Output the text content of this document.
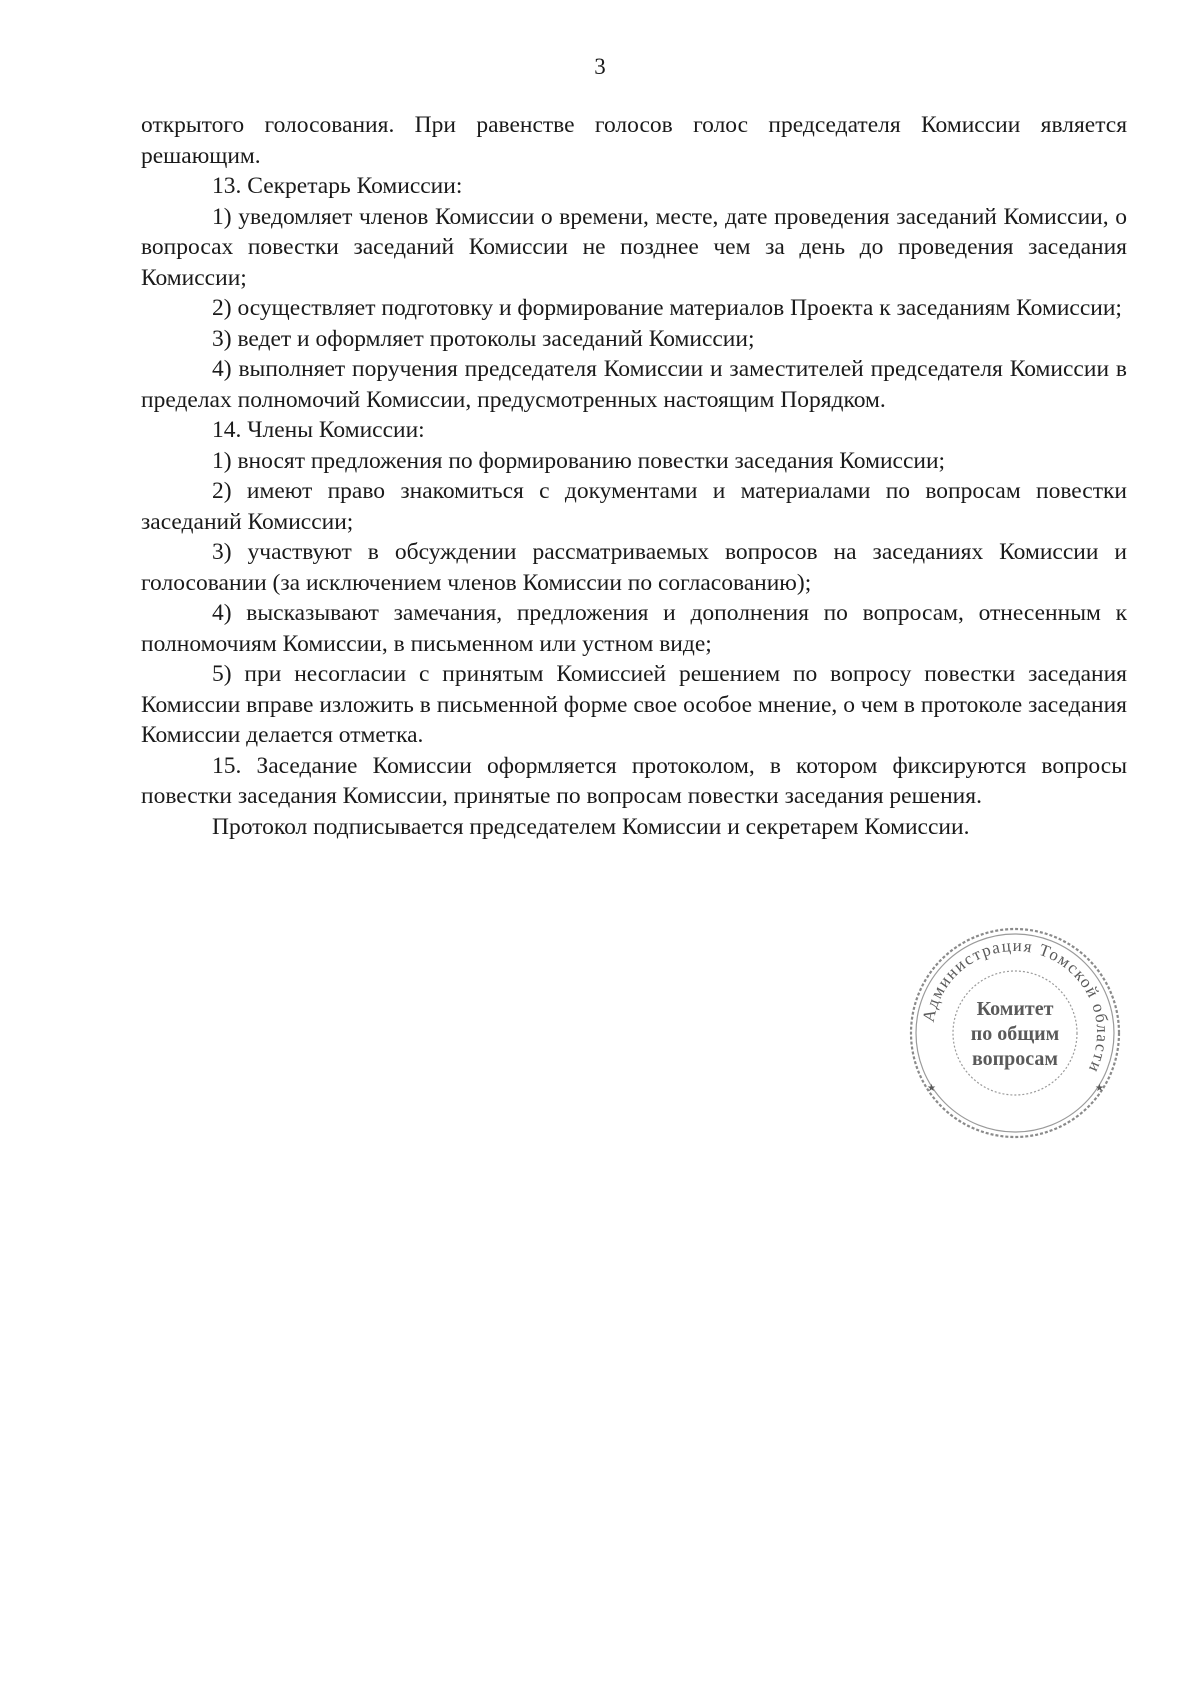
3

открытого голосования. При равенстве голосов голос председателя Комиссии является решающим.

13. Секретарь Комиссии:

1) уведомляет членов Комиссии о времени, месте, дате проведения заседаний Комиссии, о вопросах повестки заседаний Комиссии не позднее чем за день до проведения заседания Комиссии;

2) осуществляет подготовку и формирование материалов Проекта к заседаниям Комиссии;

3) ведет и оформляет протоколы заседаний Комиссии;

4) выполняет поручения председателя Комиссии и заместителей председателя Комиссии в пределах полномочий Комиссии, предусмотренных настоящим Порядком.

14. Члены Комиссии:

1) вносят предложения по формированию повестки заседания Комиссии;

2) имеют право знакомиться с документами и материалами по вопросам повестки заседаний Комиссии;

3) участвуют в обсуждении рассматриваемых вопросов на заседаниях Комиссии и голосовании (за исключением членов Комиссии по согласованию);

4) высказывают замечания, предложения и дополнения по вопросам, отнесенным к полномочиям Комиссии, в письменном или устном виде;

5) при несогласии с принятым Комиссией решением по вопросу повестки заседания Комиссии вправе изложить в письменной форме свое особое мнение, о чем в протоколе заседания Комиссии делается отметка.

15. Заседание Комиссии оформляется протоколом, в котором фиксируются вопросы повестки заседания Комиссии, принятые по вопросам повестки заседания решения.

Протокол подписывается председателем Комиссии и секретарем Комиссии.

Администрация Томской области
Комитет
по общим
вопросам
★	★
